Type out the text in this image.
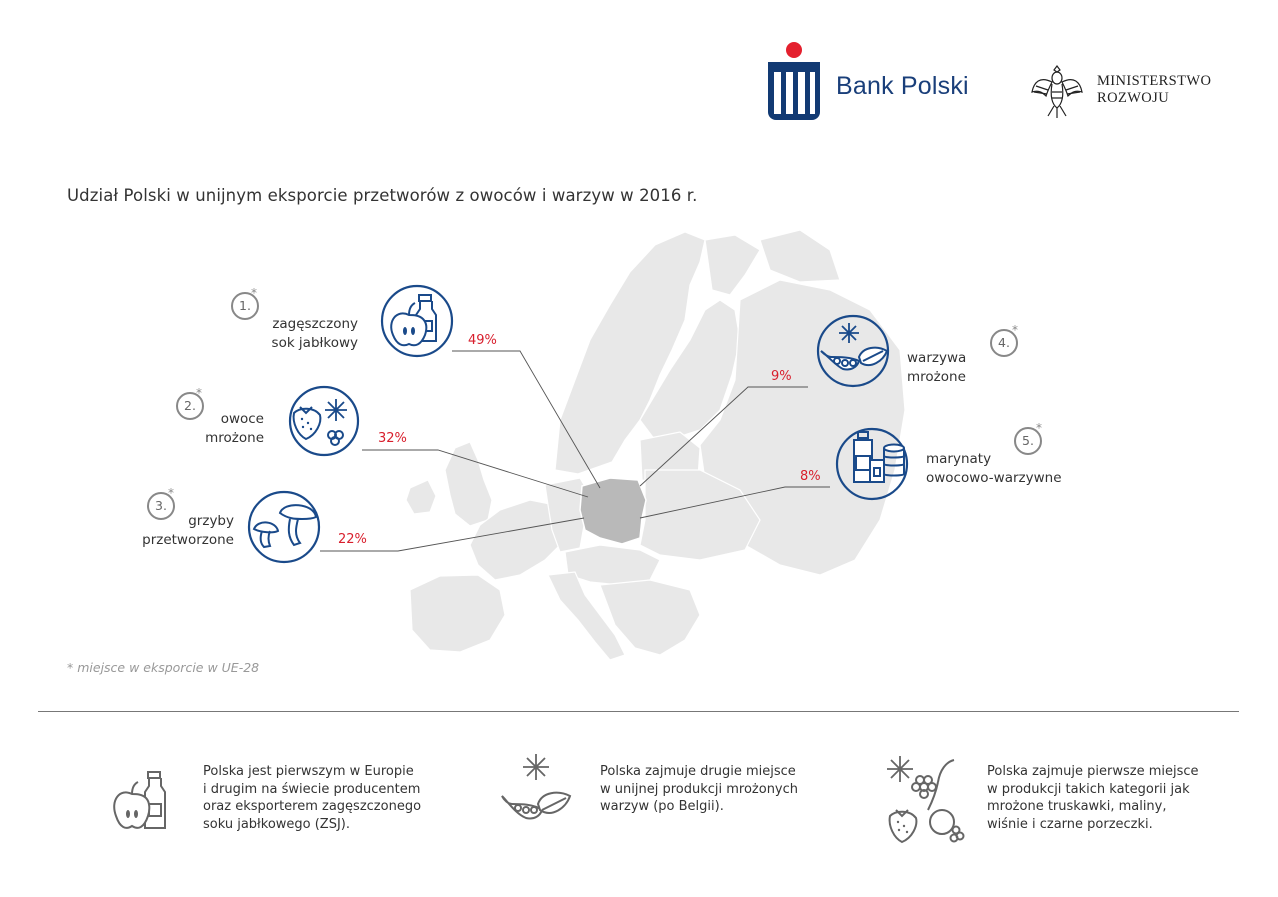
Bank Polski	MINISTERSTWO
ROZWOJU
Udział Polski w unijnym eksporcie przetworów z owoców i warzyw w 2016 r.
1.
*
zagęszczony
sok jabłkowy	49%
2.
*
owoce
mrożone	32%
3.
*
grzyby
przetworzone	22%
warzywa
mrożone
4.
*
9%
marynaty
owocowo-warzywne
5.
*
8%
* miejsce w eksporcie w UE-28
Polska jest pierwszym w Europie
i drugim na świecie producentem
oraz eksporterem zagęszczonego
soku jabłkowego (ZSJ).
Polska zajmuje drugie miejsce
w unijnej produkcji mrożonych
warzyw (po Belgii).
Polska zajmuje pierwsze miejsce
w produkcji takich kategorii jak
mrożone truskawki, maliny,
wiśnie i czarne porzeczki.
